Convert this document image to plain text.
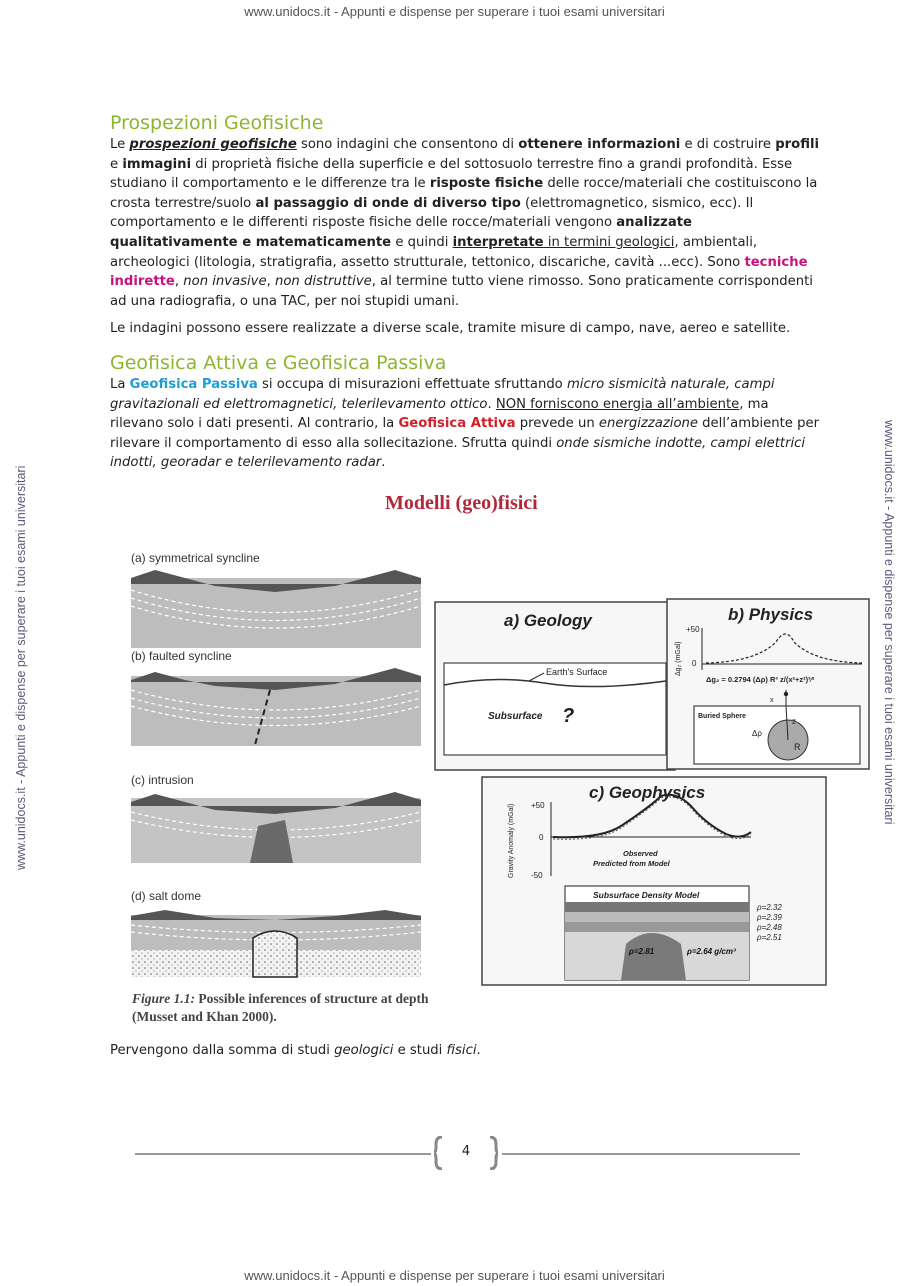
www.unidocs.it - Appunti e dispense per superare i tuoi esami universitari
www.unidocs.it - Appunti e dispense per superare i tuoi esami universitari
www.unidocs.it - Appunti e dispense per superare i tuoi esami universitari	www.unidocs.it - Appunti e dispense per superare i tuoi esami universitari
Prospezioni Geofisiche

Le prospezioni geofisiche sono indagini che consentono di ottenere informazioni e di costruire profili e immagini di proprietà fisiche della superficie e del sottosuolo terrestre fino a grandi profondità. Esse studiano il comportamento e le differenze tra le risposte fisiche delle rocce/materiali che costituiscono la crosta terrestre/suolo al passaggio di onde di diverso tipo (elettromagnetico, sismico, ecc). Il comportamento e le differenti risposte fisiche delle rocce/materiali vengono analizzate qualitativamente e matematicamente e quindi interpretate in termini geologici, ambientali, archeologici (litologia, stratigrafia, assetto strutturale, tettonico, discariche, cavità ...ecc). Sono tecniche indirette, non invasive, non distruttive, al termine tutto viene rimosso. Sono praticamente corrispondenti ad una radiografia, o una TAC, per noi stupidi umani.

Le indagini possono essere realizzate a diverse scale, tramite misure di campo, nave, aereo e satellite.

Geofisica Attiva e Geofisica Passiva

La Geofisica Passiva si occupa di misurazioni effettuate sfruttando micro sismicità naturale, campi gravitazionali ed elettromagnetici, telerilevamento ottico. NON forniscono energia all’ambiente, ma rilevano solo i dati presenti. Al contrario, la Geofisica Attiva prevede un energizzazione dell’ambiente per rilevare il comportamento di esso alla sollecitazione. Sfrutta quindi onde sismiche indotte, campi elettrici indotti, georadar e telerilevamento radar.

Modelli (geo)fisici
(a) symmetrical syncline
(b) faulted syncline
(c) intrusion
(d) salt dome
Figure 1.1: Possible inferences of structure at depth (Musset and Khan 2000).
a) Geology
Earth's Surface
Subsurface ?
b) Physics
+50
0
Δg₂ (mGal)
Δg₂ = 0.2794 (Δρ) R³ z/(x²+z²)³⁄²
x
Buried Sphere
z
Δρ
R
c) Geophysics
Gravity Anomaly (mGal) +50
0
-50
Observed
Predicted from Model
Subsurface Density Model
ρ=2.81	ρ=2.64 g/cm³
ρ=2.32
ρ=2.39
ρ=2.48
ρ=2.51

Pervengono dalla somma di studi geologici e studi fisici.

4
